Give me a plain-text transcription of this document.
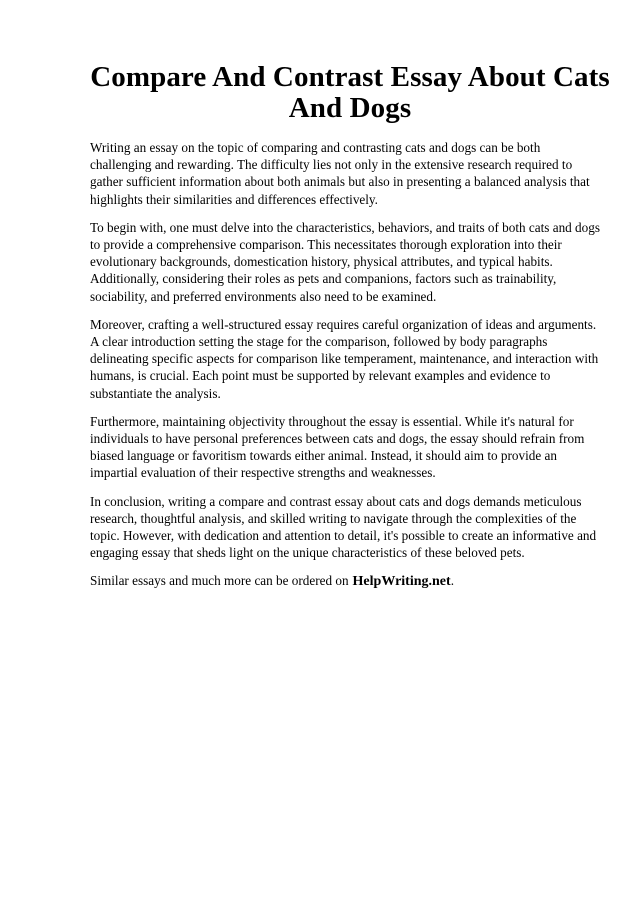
Compare And Contrast Essay About Cats And Dogs

Writing an essay on the topic of comparing and contrasting cats and dogs can be both challenging and rewarding. The difficulty lies not only in the extensive research required to gather sufficient information about both animals but also in presenting a balanced analysis that highlights their similarities and differences effectively.

To begin with, one must delve into the characteristics, behaviors, and traits of both cats and dogs to provide a comprehensive comparison. This necessitates thorough exploration into their evolutionary backgrounds, domestication history, physical attributes, and typical habits. Additionally, considering their roles as pets and companions, factors such as trainability, sociability, and preferred environments also need to be examined.

Moreover, crafting a well-structured essay requires careful organization of ideas and arguments. A clear introduction setting the stage for the comparison, followed by body paragraphs delineating specific aspects for comparison like temperament, maintenance, and interaction with humans, is crucial. Each point must be supported by relevant examples and evidence to substantiate the analysis.

Furthermore, maintaining objectivity throughout the essay is essential. While it's natural for individuals to have personal preferences between cats and dogs, the essay should refrain from biased language or favoritism towards either animal. Instead, it should aim to provide an impartial evaluation of their respective strengths and weaknesses.

In conclusion, writing a compare and contrast essay about cats and dogs demands meticulous research, thoughtful analysis, and skilled writing to navigate through the complexities of the topic. However, with dedication and attention to detail, it's possible to create an informative and engaging essay that sheds light on the unique characteristics of these beloved pets.

Similar essays and much more can be ordered on HelpWriting.net.
